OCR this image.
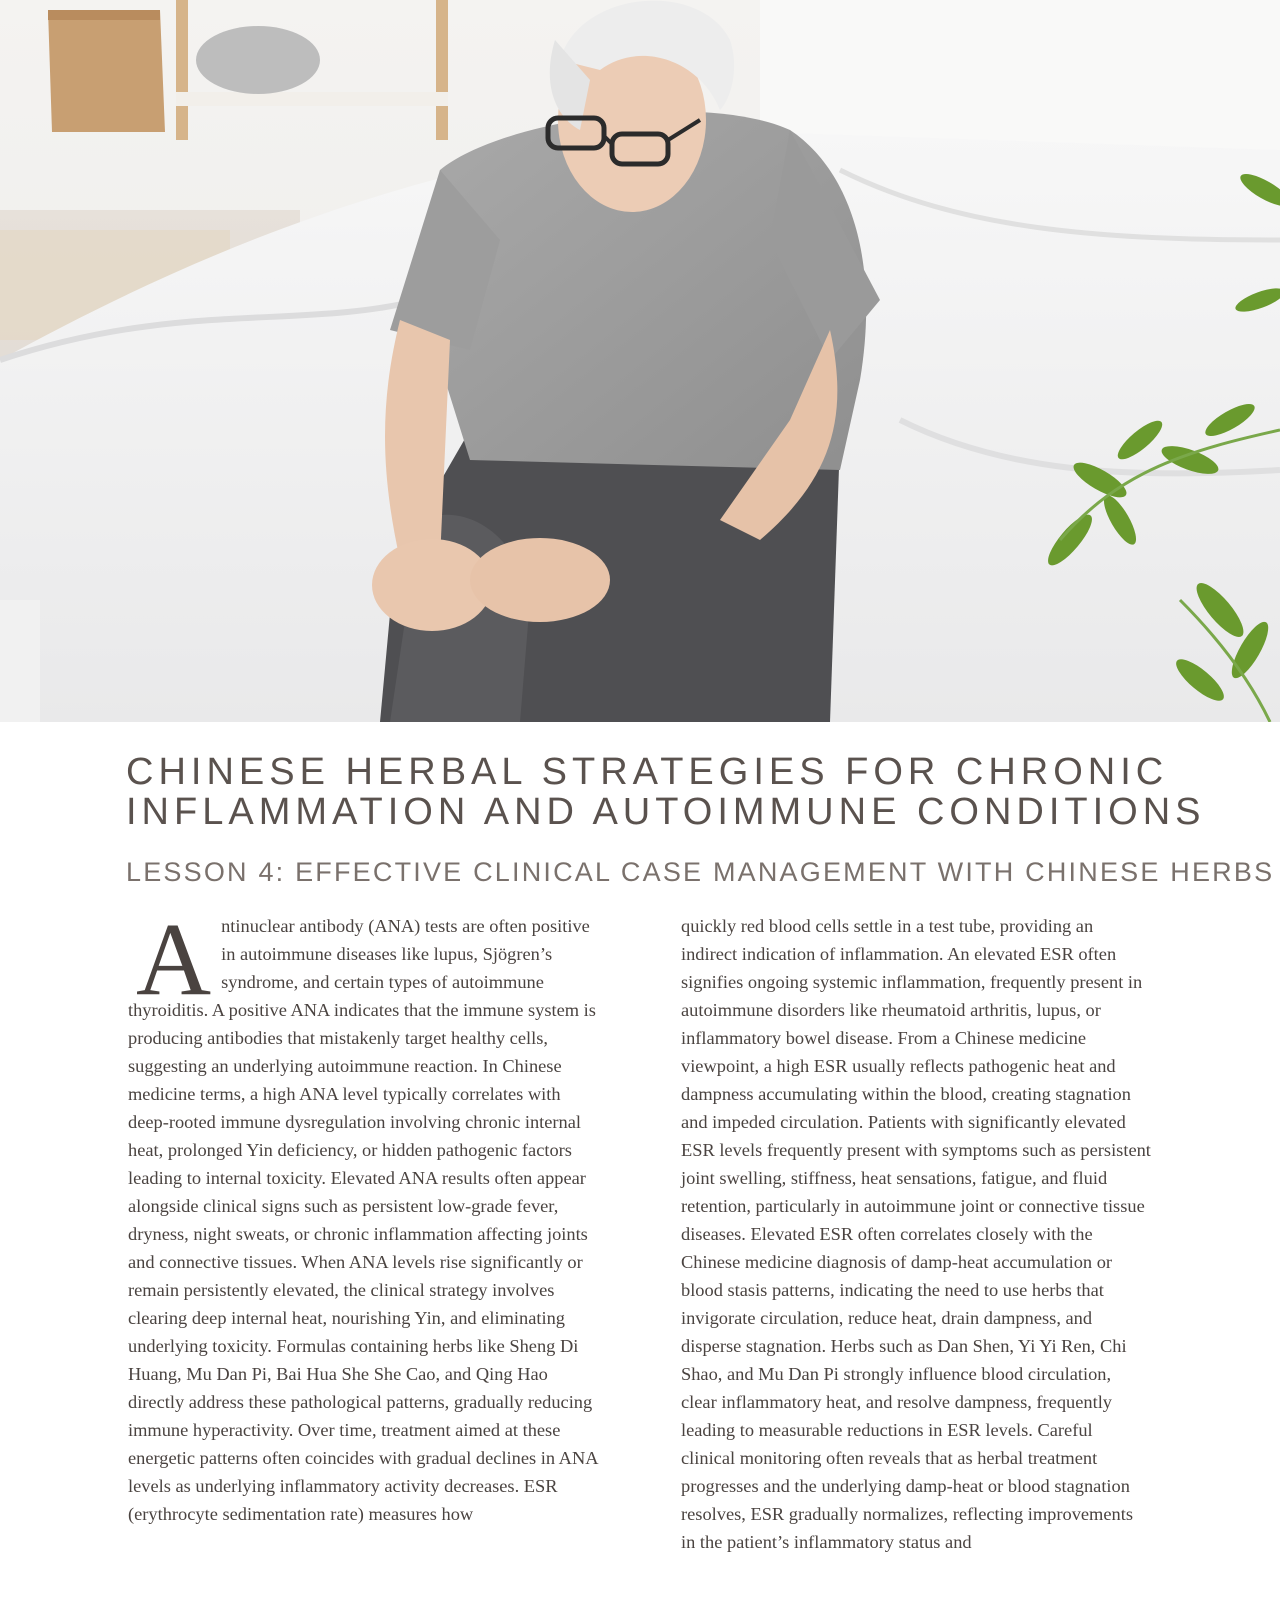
CHINESE HERBAL STRATEGIES FOR CHRONIC
INFLAMMATION AND AUTOIMMUNE CONDITIONS
LESSON 4: EFFECTIVE CLINICAL CASE MANAGEMENT WITH CHINESE HERBS

Antinuclear antibody (ANA) tests are often positive in autoimmune diseases like lupus, Sjögren’s syndrome, and certain types of autoimmune thyroiditis. A positive ANA indicates that the immune system is producing antibodies that mistakenly target healthy cells, suggesting an underlying autoimmune reaction. In Chinese medicine terms, a high ANA level typically correlates with deep-rooted immune dysregulation involving chronic internal heat, prolonged Yin deficiency, or hidden pathogenic factors leading to internal toxicity. Elevated ANA results often appear alongside clinical signs such as persistent low-grade fever, dryness, night sweats, or chronic inflammation affecting joints and connective tissues. When ANA levels rise significantly or remain persistently elevated, the clinical strategy involves clearing deep internal heat, nourishing Yin, and eliminating underlying toxicity. Formulas containing herbs like Sheng Di Huang, Mu Dan Pi, Bai Hua She She Cao, and Qing Hao directly address these pathological patterns, gradually reducing immune hyperactivity. Over time, treatment aimed at these energetic patterns often coincides with gradual declines in ANA levels as underlying inflammatory activity decreases. ESR (erythrocyte sedimentation rate) measures how

quickly red blood cells settle in a test tube, providing an indirect indication of inflammation. An elevated ESR often signifies ongoing systemic inflammation, frequently present in autoimmune disorders like rheumatoid arthritis, lupus, or inflammatory bowel disease. From a Chinese medicine viewpoint, a high ESR usually reflects pathogenic heat and dampness accumulating within the blood, creating stagnation and impeded circulation. Patients with significantly elevated ESR levels frequently present with symptoms such as persistent joint swelling, stiffness, heat sensations, fatigue, and fluid retention, particularly in autoimmune joint or connective tissue diseases. Elevated ESR often correlates closely with the Chinese medicine diagnosis of damp-heat accumulation or blood stasis patterns, indicating the need to use herbs that invigorate circulation, reduce heat, drain dampness, and disperse stagnation. Herbs such as Dan Shen, Yi Yi Ren, Chi Shao, and Mu Dan Pi strongly influence blood circulation, clear inflammatory heat, and resolve dampness, frequently leading to measurable reductions in ESR levels. Careful clinical monitoring often reveals that as herbal treatment progresses and the underlying damp-heat or blood stagnation resolves, ESR gradually normalizes, reflecting improvements in the patient’s inflammatory status and
